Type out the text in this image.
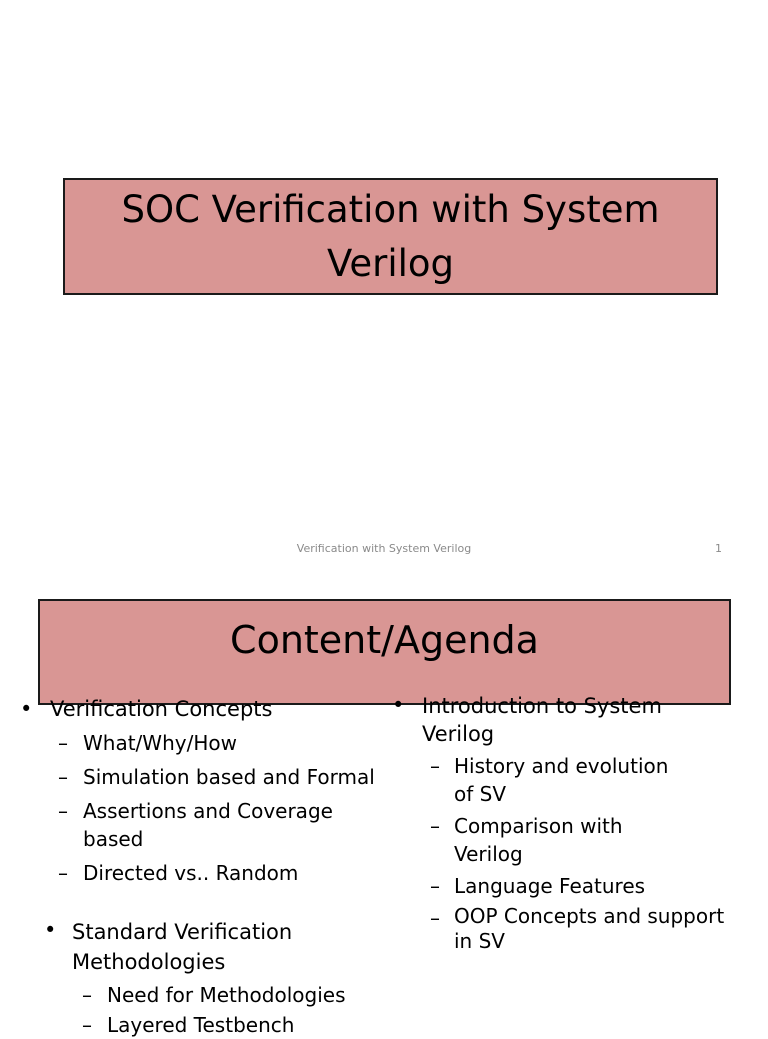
SOC Verification with System Verilog
Verification with System Verilog	1
Content/Agenda
• Verification Concepts
– What/Why/How
– Simulation based and Formal
– Assertions and Coverage based
– Directed vs.. Random
• Standard Verification Methodologies
– Need for Methodologies
– Layered Testbench
• Introduction to System Verilog
– History and evolution of SV
– Comparison with Verilog
– Language Features
– OOP Concepts and support in SV
